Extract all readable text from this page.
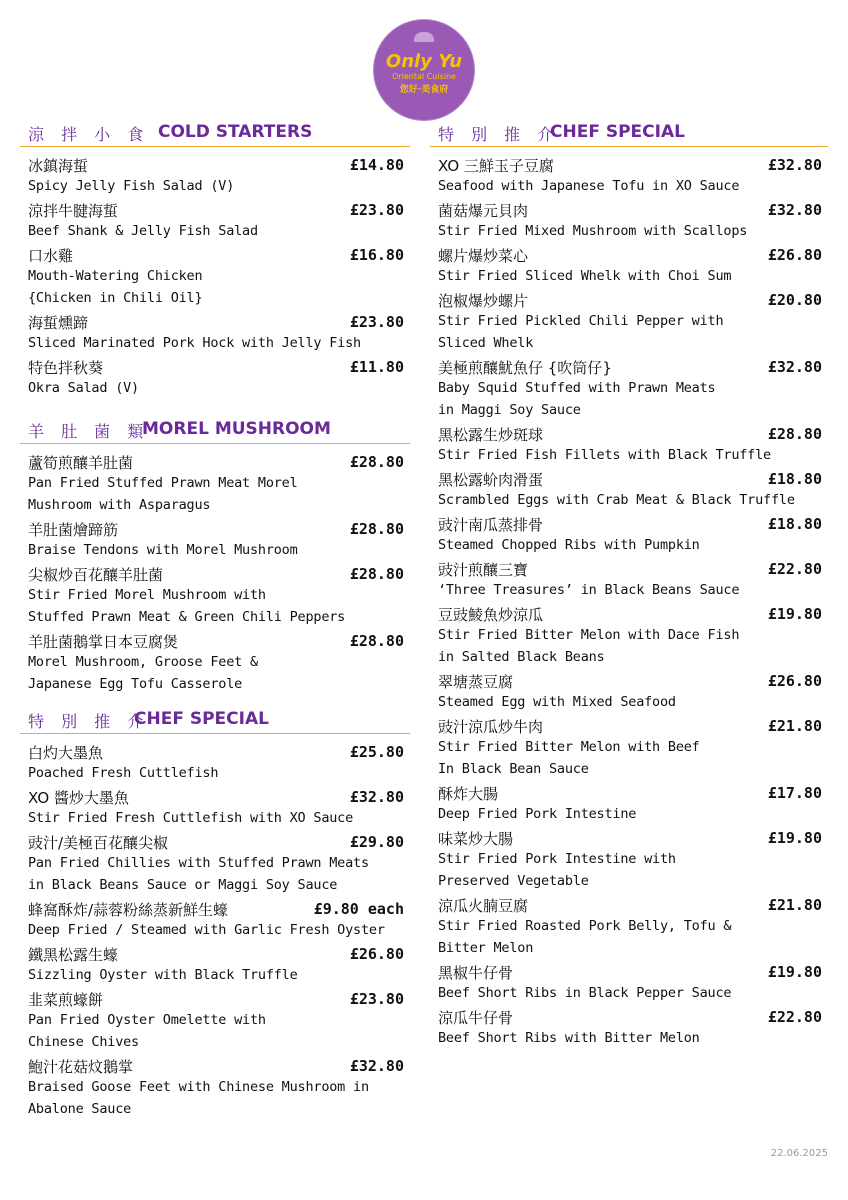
Only Yu
Oriental Cuisine
您好·美食府
涼 拌 小 食 COLD STARTERS
冰鎮海蜇	£14.80
Spicy Jelly Fish Salad (V)
涼拌牛腱海蜇	£23.80
Beef Shank & Jelly Fish Salad
口水雞	£16.80
Mouth-Watering Chicken
{Chicken in Chili Oil}
海蜇燻蹄	£23.80
Sliced Marinated Pork Hock with Jelly Fish
特色拌秋葵	£11.80
Okra Salad (V)
羊 肚 菌 類
MOREL MUSHROOM
蘆筍煎釀羊肚菌	£28.80
Pan Fried Stuffed Prawn Meat Morel
Mushroom with Asparagus
羊肚菌燴蹄筋	£28.80
Braise Tendons with Morel Mushroom
尖椒炒百花釀羊肚菌	£28.80
Stir Fried Morel Mushroom with
Stuffed Prawn Meat & Green Chili Peppers
羊肚菌鵝掌日本豆腐煲	£28.80
Morel Mushroom, Groose Feet &
Japanese Egg Tofu Casserole
特 別 推 介
CHEF SPECIAL
白灼大墨魚	£25.80
Poached Fresh Cuttlefish
XO 醬炒大墨魚	£32.80
Stir Fried Fresh Cuttlefish with XO Sauce
豉汁/美極百花釀尖椒	£29.80
Pan Fried Chillies with Stuffed Prawn Meats
in Black Beans Sauce or Maggi Soy Sauce
蜂窩酥炸/蒜蓉粉絲蒸新鮮生蠔	£9.80 each
Deep Fried / Steamed with Garlic Fresh Oyster
鐵黑松露生蠔	£26.80
Sizzling Oyster with Black Truffle
韭菜煎蠔餅	£23.80
Pan Fried Oyster Omelette with
Chinese Chives
鮑汁花菇炆鵝掌	£32.80
Braised Goose Feet with Chinese Mushroom in
Abalone Sauce
特 別 推 介
CHEF SPECIAL
XO 三鮮玉子豆腐	£32.80
Seafood with Japanese Tofu in XO Sauce
菌菇爆元貝肉	£32.80
Stir Fried Mixed Mushroom with Scallops
螺片爆炒菜心	£26.80
Stir Fried Sliced Whelk with Choi Sum
泡椒爆炒螺片	£20.80
Stir Fried Pickled Chili Pepper with
Sliced Whelk
美極煎釀魷魚仔 {吹筒仔}	£32.80
Baby Squid Stuffed with Prawn Meats
in Maggi Soy Sauce
黑松露生炒斑球	£28.80
Stir Fried Fish Fillets with Black Truffle
黑松露蚧肉滑蛋	£18.80
Scrambled Eggs with Crab Meat & Black Truffle
豉汁南瓜蒸排骨	£18.80
Steamed Chopped Ribs with Pumpkin
豉汁煎釀三寶	£22.80
‘Three Treasures’ in Black Beans Sauce
豆豉鯪魚炒涼瓜	£19.80
Stir Fried Bitter Melon with Dace Fish
in Salted Black Beans
翠塘蒸豆腐	£26.80
Steamed Egg with Mixed Seafood
豉汁涼瓜炒牛肉	£21.80
Stir Fried Bitter Melon with Beef
In Black Bean Sauce
酥炸大腸	£17.80
Deep Fried Pork Intestine
味菜炒大腸	£19.80
Stir Fried Pork Intestine with
Preserved Vegetable
涼瓜火腩豆腐	£21.80
Stir Fried Roasted Pork Belly, Tofu &
Bitter Melon
黑椒牛仔骨	£19.80
Beef Short Ribs in Black Pepper Sauce
涼瓜牛仔骨	£22.80
Beef Short Ribs with Bitter Melon
22.06.2025
